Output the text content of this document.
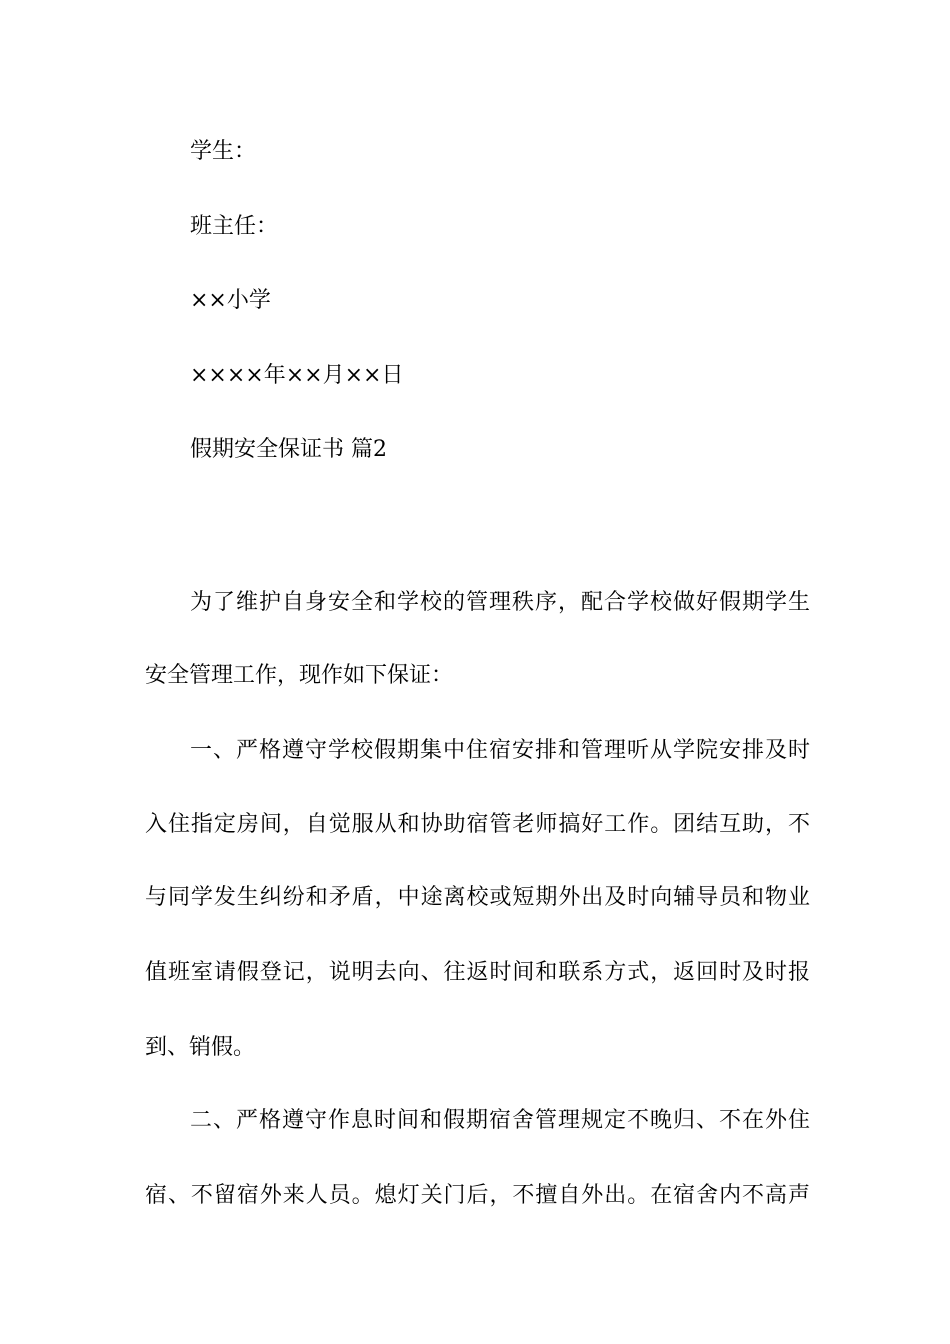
学生：
班主任：
××小学
××××年××月××日
假期安全保证书 篇2
为了维护自身安全和学校的管理秩序，配合学校做好假期学生
安全管理工作，现作如下保证：
一、严格遵守学校假期集中住宿安排和管理听从学院安排及时
入住指定房间，自觉服从和协助宿管老师搞好工作。团结互助，不
与同学发生纠纷和矛盾，中途离校或短期外出及时向辅导员和物业
值班室请假登记，说明去向、往返时间和联系方式，返回时及时报
到、销假。
二、严格遵守作息时间和假期宿舍管理规定不晚归、不在外住
宿、不留宿外来人员。熄灯关门后，不擅自外出。在宿舍内不高声
